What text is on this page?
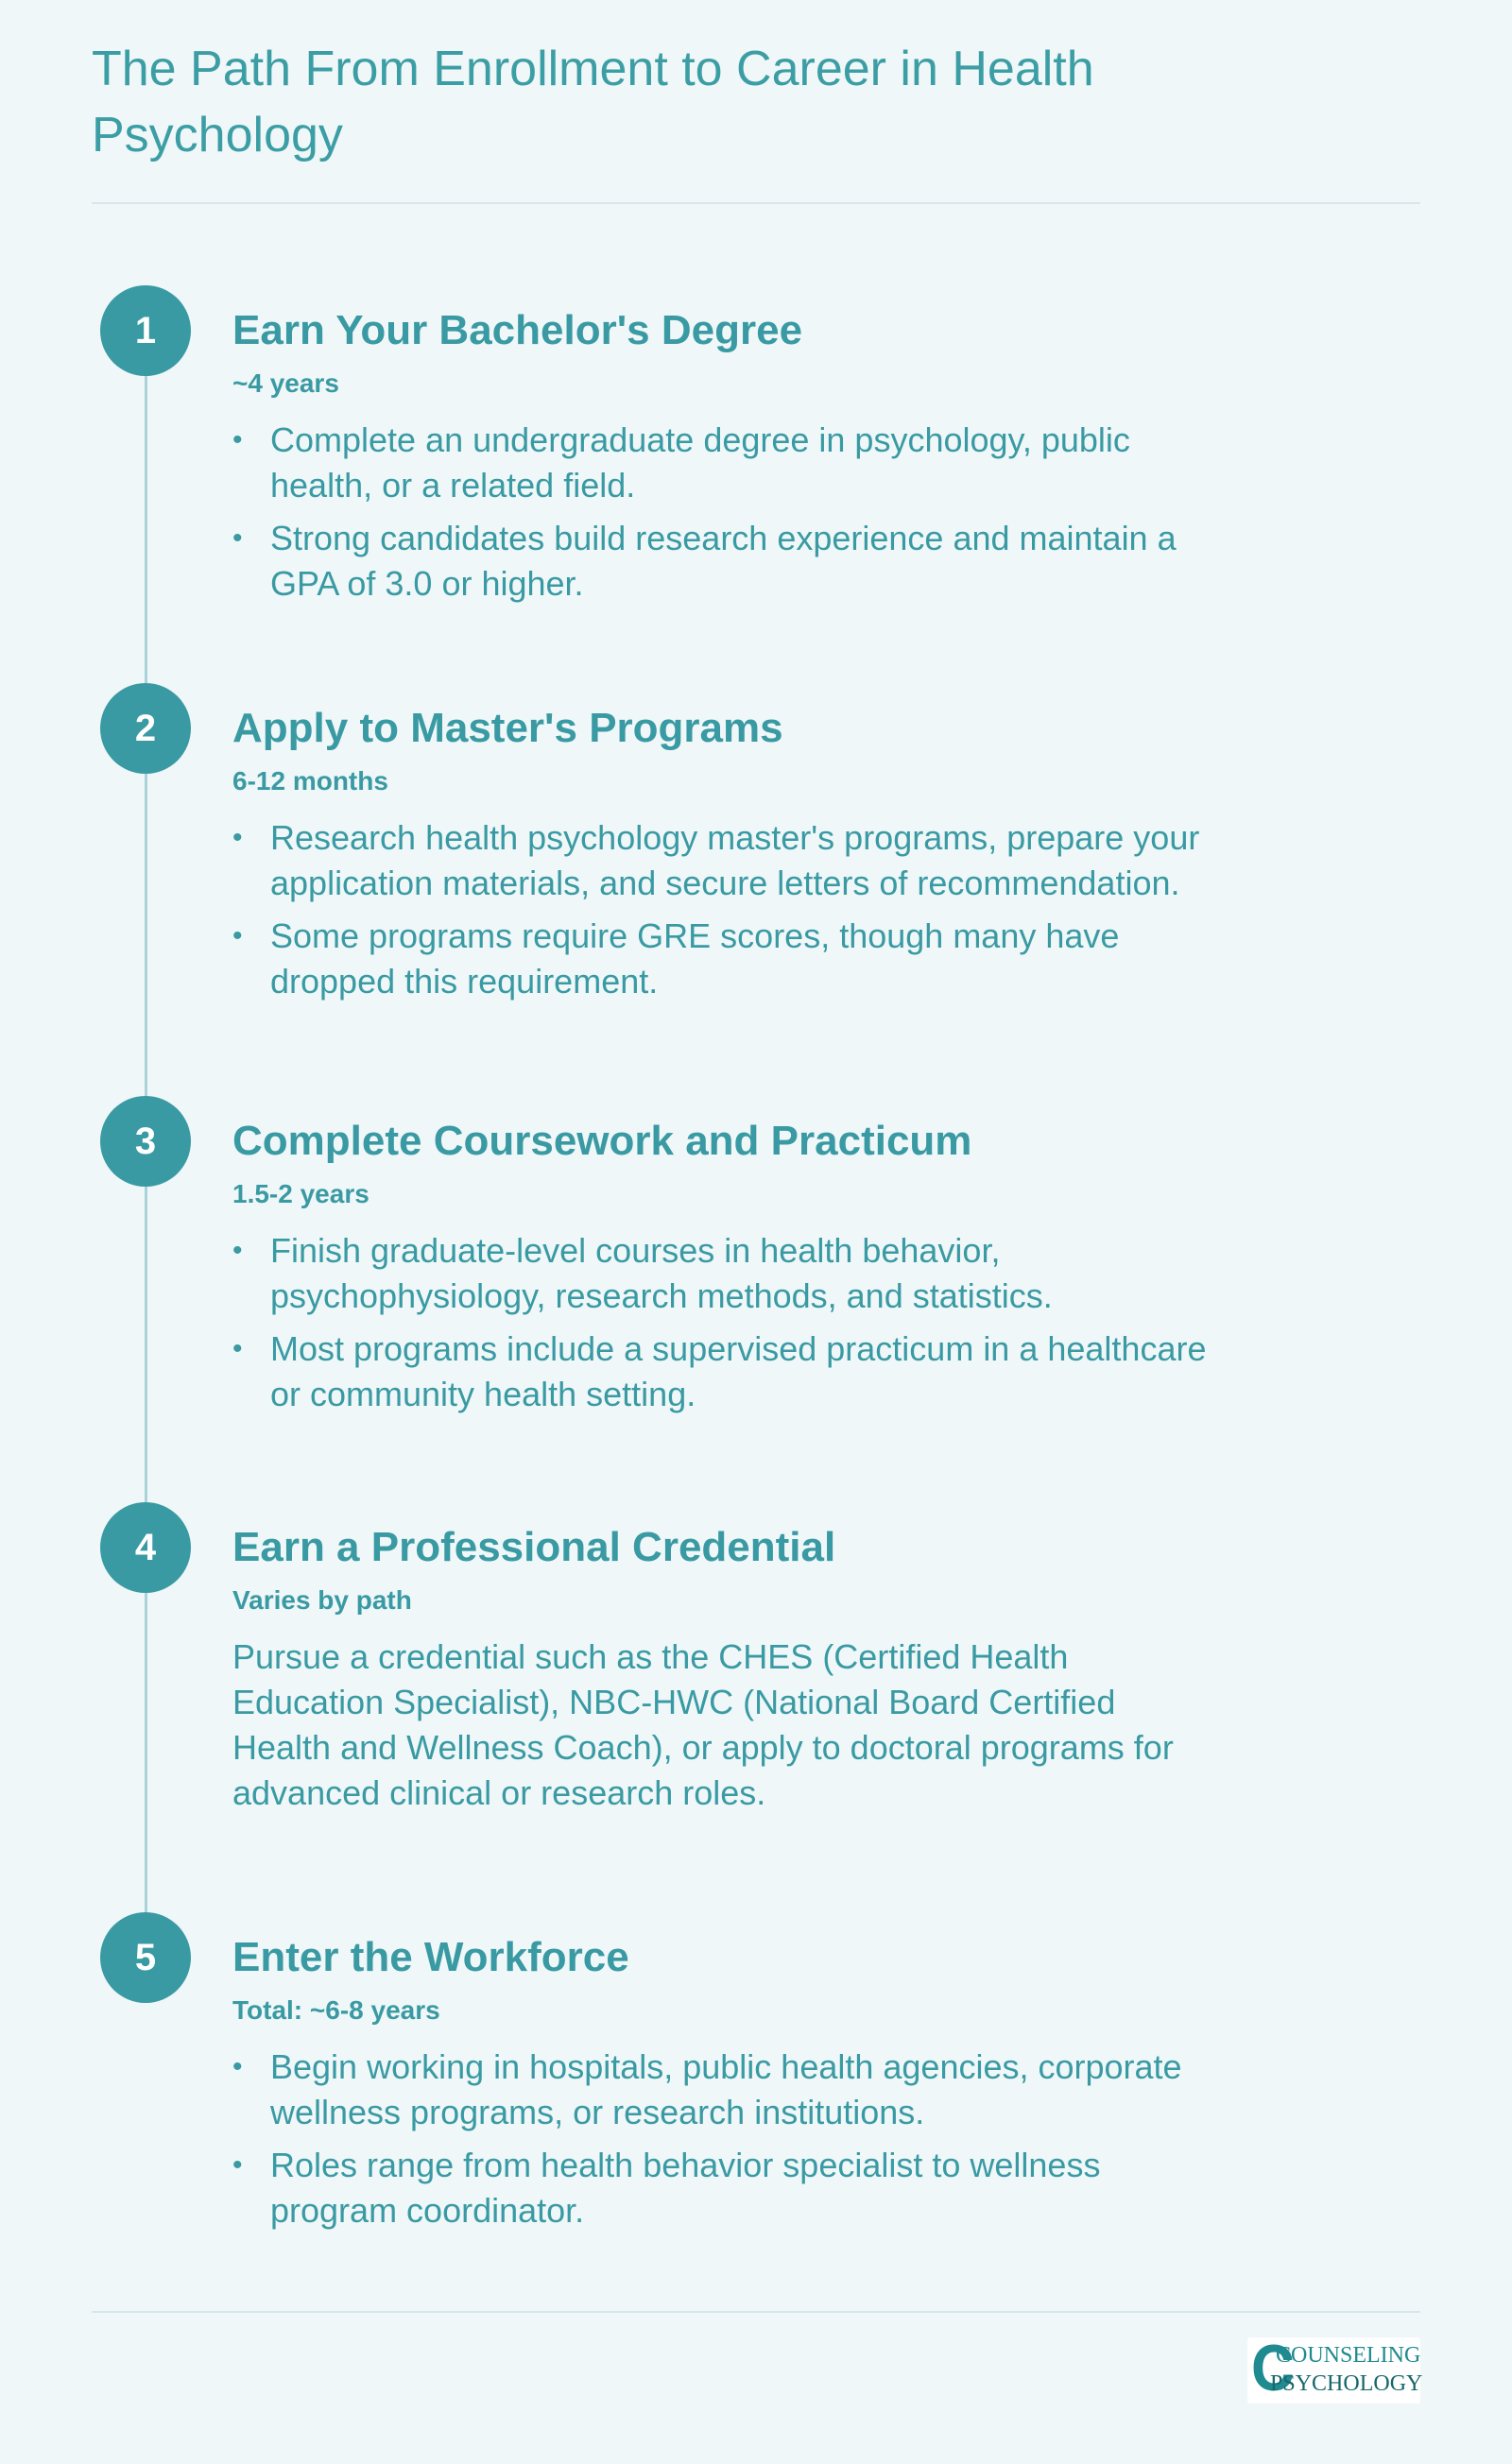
The Path From Enrollment to Career in Health Psychology
1	Earn Your Bachelor's Degree
~4 years
• Complete an undergraduate degree in psychology, public health, or a related field.
• Strong candidates build research experience and maintain a GPA of 3.0 or higher.
2	Apply to Master's Programs
6-12 months
• Research health psychology master's programs, prepare your application materials, and secure letters of recommendation.
• Some programs require GRE scores, though many have dropped this requirement.
3	Complete Coursework and Practicum
1.5-2 years
• Finish graduate-level courses in health behavior, psychophysiology, research methods, and statistics.
• Most programs include a supervised practicum in a healthcare or community health setting.
4	Earn a Professional Credential
Varies by path

Pursue a credential such as the CHES (Certified Health Education Specialist), NBC-HWC (National Board Certified Health and Wellness Coach), or apply to doctoral programs for advanced clinical or research roles.

5	Enter the Workforce
Total: ~6-8 years
• Begin working in hospitals, public health agencies, corporate wellness programs, or research institutions.
• Roles range from health behavior specialist to wellness program coordinator.
𝐂
COUNSELING
PSYCHOLOGY
